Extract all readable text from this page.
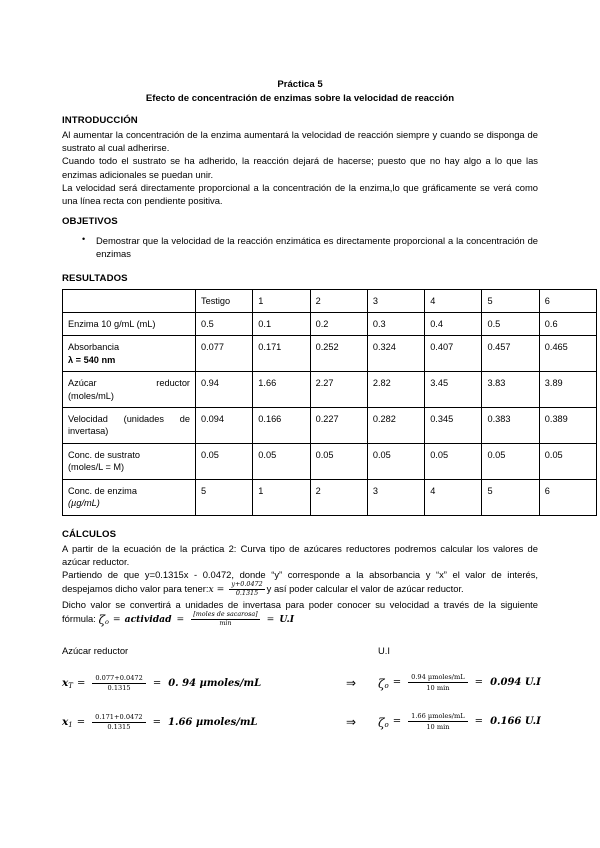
Práctica 5
Efecto de concentración de enzimas sobre la velocidad de reacción
INTRODUCCIÓN

Al aumentar la concentración de la enzima aumentará la velocidad de reacción siempre y cuando se disponga de sustrato al cual adherirse.

Cuando todo el sustrato se ha adherido, la reacción dejará de hacerse; puesto que no hay algo a lo que las enzimas adicionales se puedan unir.

La velocidad será directamente proporcional a la concentración de la enzima,lo que gráficamente se verá como una línea recta con pendiente positiva.

OBJETIVOS
• Demostrar que la velocidad de la reacción enzimática es directamente proporcional a la concentración de enzimas
RESULTADOS
	Testigo	1	2	3	4	5	6
Enzima 10 g/mL (mL)	0.5	0.1	0.2	0.3	0.4	0.5	0.6
Absorbancia
λ = 540 nm	0.077	0.171	0.252	0.324	0.407	0.457	0.465
Azúcar reductor
(moles/mL)	0.94	1.66	2.27	2.82	3.45	3.83	3.89
Velocidad (unidades de
invertasa)	0.094	0.166	0.227	0.282	0.345	0.383	0.389
Conc. de sustrato
(moles/L = M)	0.05	0.05	0.05	0.05	0.05	0.05	0.05
Conc. de enzima
(µg/mL)	5	1	2	3	4	5	6
CÁLCULOS

A partir de la ecuación de la práctica 2: Curva tipo de azúcares reductores podremos calcular los valores de azúcar reductor.

Partiendo de que y=0.1315x - 0.0472, donde “y” corresponde a la absorbancia y “x” el valor de interés, despejamos dicho valor para tener: $x = \frac{y+0.0472}{0.1315}$ y así poder calcular el valor de azúcar reductor.

Dicho valor se convertirá a unidades de invertasa para poder conocer su velocidad a través de la siguiente fórmula: ζ o = actividad = $\frac{\text{[moles de sacarosa]}}{\min} = U.I$

Azúcar reductor
	U.I
x $T = \frac{0.077+0.0472}{0.1315} = 0$. 94 µmoles/mL	⇒	ζ $o = \frac{\text{0.94 µmoles/mL}}{10 \min} = 0.094$ U.I
x $1 = \frac{0.171+0.0472}{0.1315} = 1.66$ µmoles/mL	⇒	ζ $o = \frac{\text{1.66 µmoles/mL}}{10 \min} = 0.166$ U.I
